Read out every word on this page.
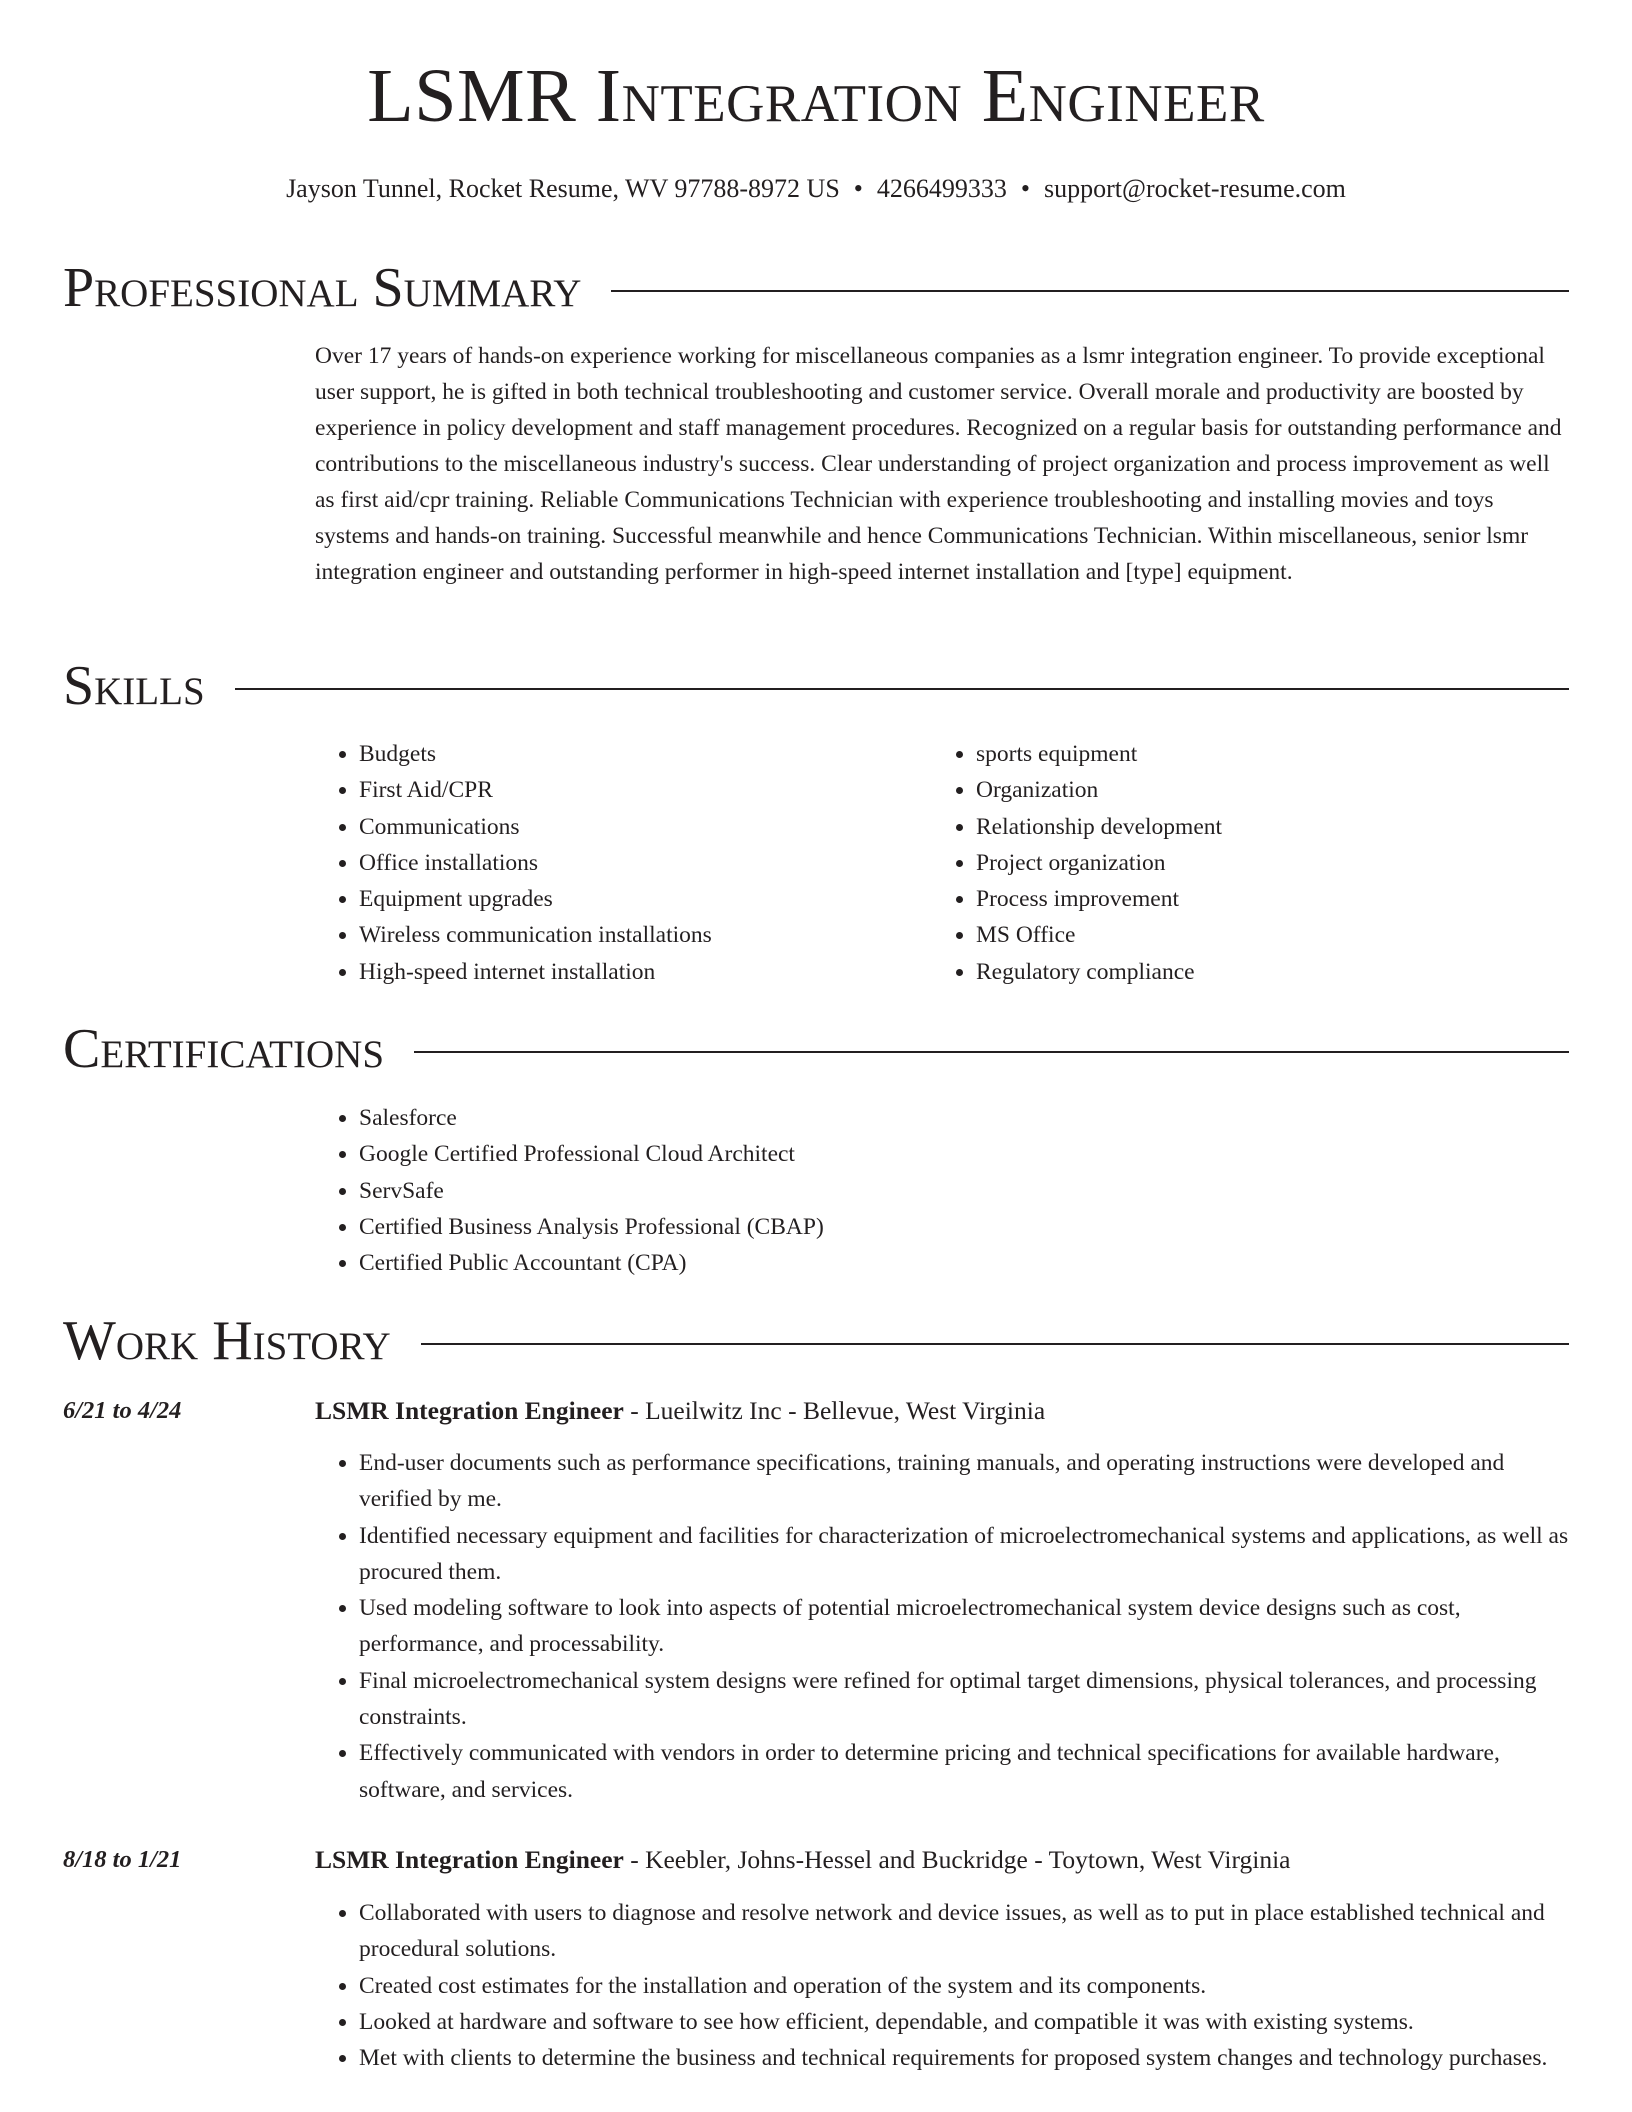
LSMR Integration Engineer
Jayson Tunnel, Rocket Resume, WV 97788-8972 US • 4266499333 • support@rocket-resume.com
Professional Summary

Over 17 years of hands-on experience working for miscellaneous companies as a lsmr integration engineer. To provide exceptional user support, he is gifted in both technical troubleshooting and customer service. Overall morale and productivity are boosted by experience in policy development and staff management procedures. Recognized on a regular basis for outstanding performance and contributions to the miscellaneous industry's success. Clear understanding of project organization and process improvement as well as first aid/cpr training. Reliable Communications Technician with experience troubleshooting and installing movies and toys systems and hands-on training. Successful meanwhile and hence Communications Technician. Within miscellaneous, senior lsmr integration engineer and outstanding performer in high-speed internet installation and [type] equipment.

Skills
• Budgets
• First Aid/CPR
• Communications
• Office installations
• Equipment upgrades
• Wireless communication installations
• High-speed internet installation
• sports equipment
• Organization
• Relationship development
• Project organization
• Process improvement
• MS Office
• Regulatory compliance
Certifications
• Salesforce
• Google Certified Professional Cloud Architect
• ServSafe
• Certified Business Analysis Professional (CBAP)
• Certified Public Accountant (CPA)
Work History
6/21 to 4/24	LSMR Integration Engineer - Lueilwitz Inc - Bellevue, West Virginia
• End-user documents such as performance specifications, training manuals, and operating instructions were developed and verified by me.
• Identified necessary equipment and facilities for characterization of microelectromechanical systems and applications, as well as procured them.
• Used modeling software to look into aspects of potential microelectromechanical system device designs such as cost, performance, and processability.
• Final microelectromechanical system designs were refined for optimal target dimensions, physical tolerances, and processing constraints.
• Effectively communicated with vendors in order to determine pricing and technical specifications for available hardware, software, and services.
8/18 to 1/21	LSMR Integration Engineer - Keebler, Johns-Hessel and Buckridge - Toytown, West Virginia
• Collaborated with users to diagnose and resolve network and device issues, as well as to put in place established technical and procedural solutions.
• Created cost estimates for the installation and operation of the system and its components.
• Looked at hardware and software to see how efficient, dependable, and compatible it was with existing systems.
• Met with clients to determine the business and technical requirements for proposed system changes and technology purchases.
